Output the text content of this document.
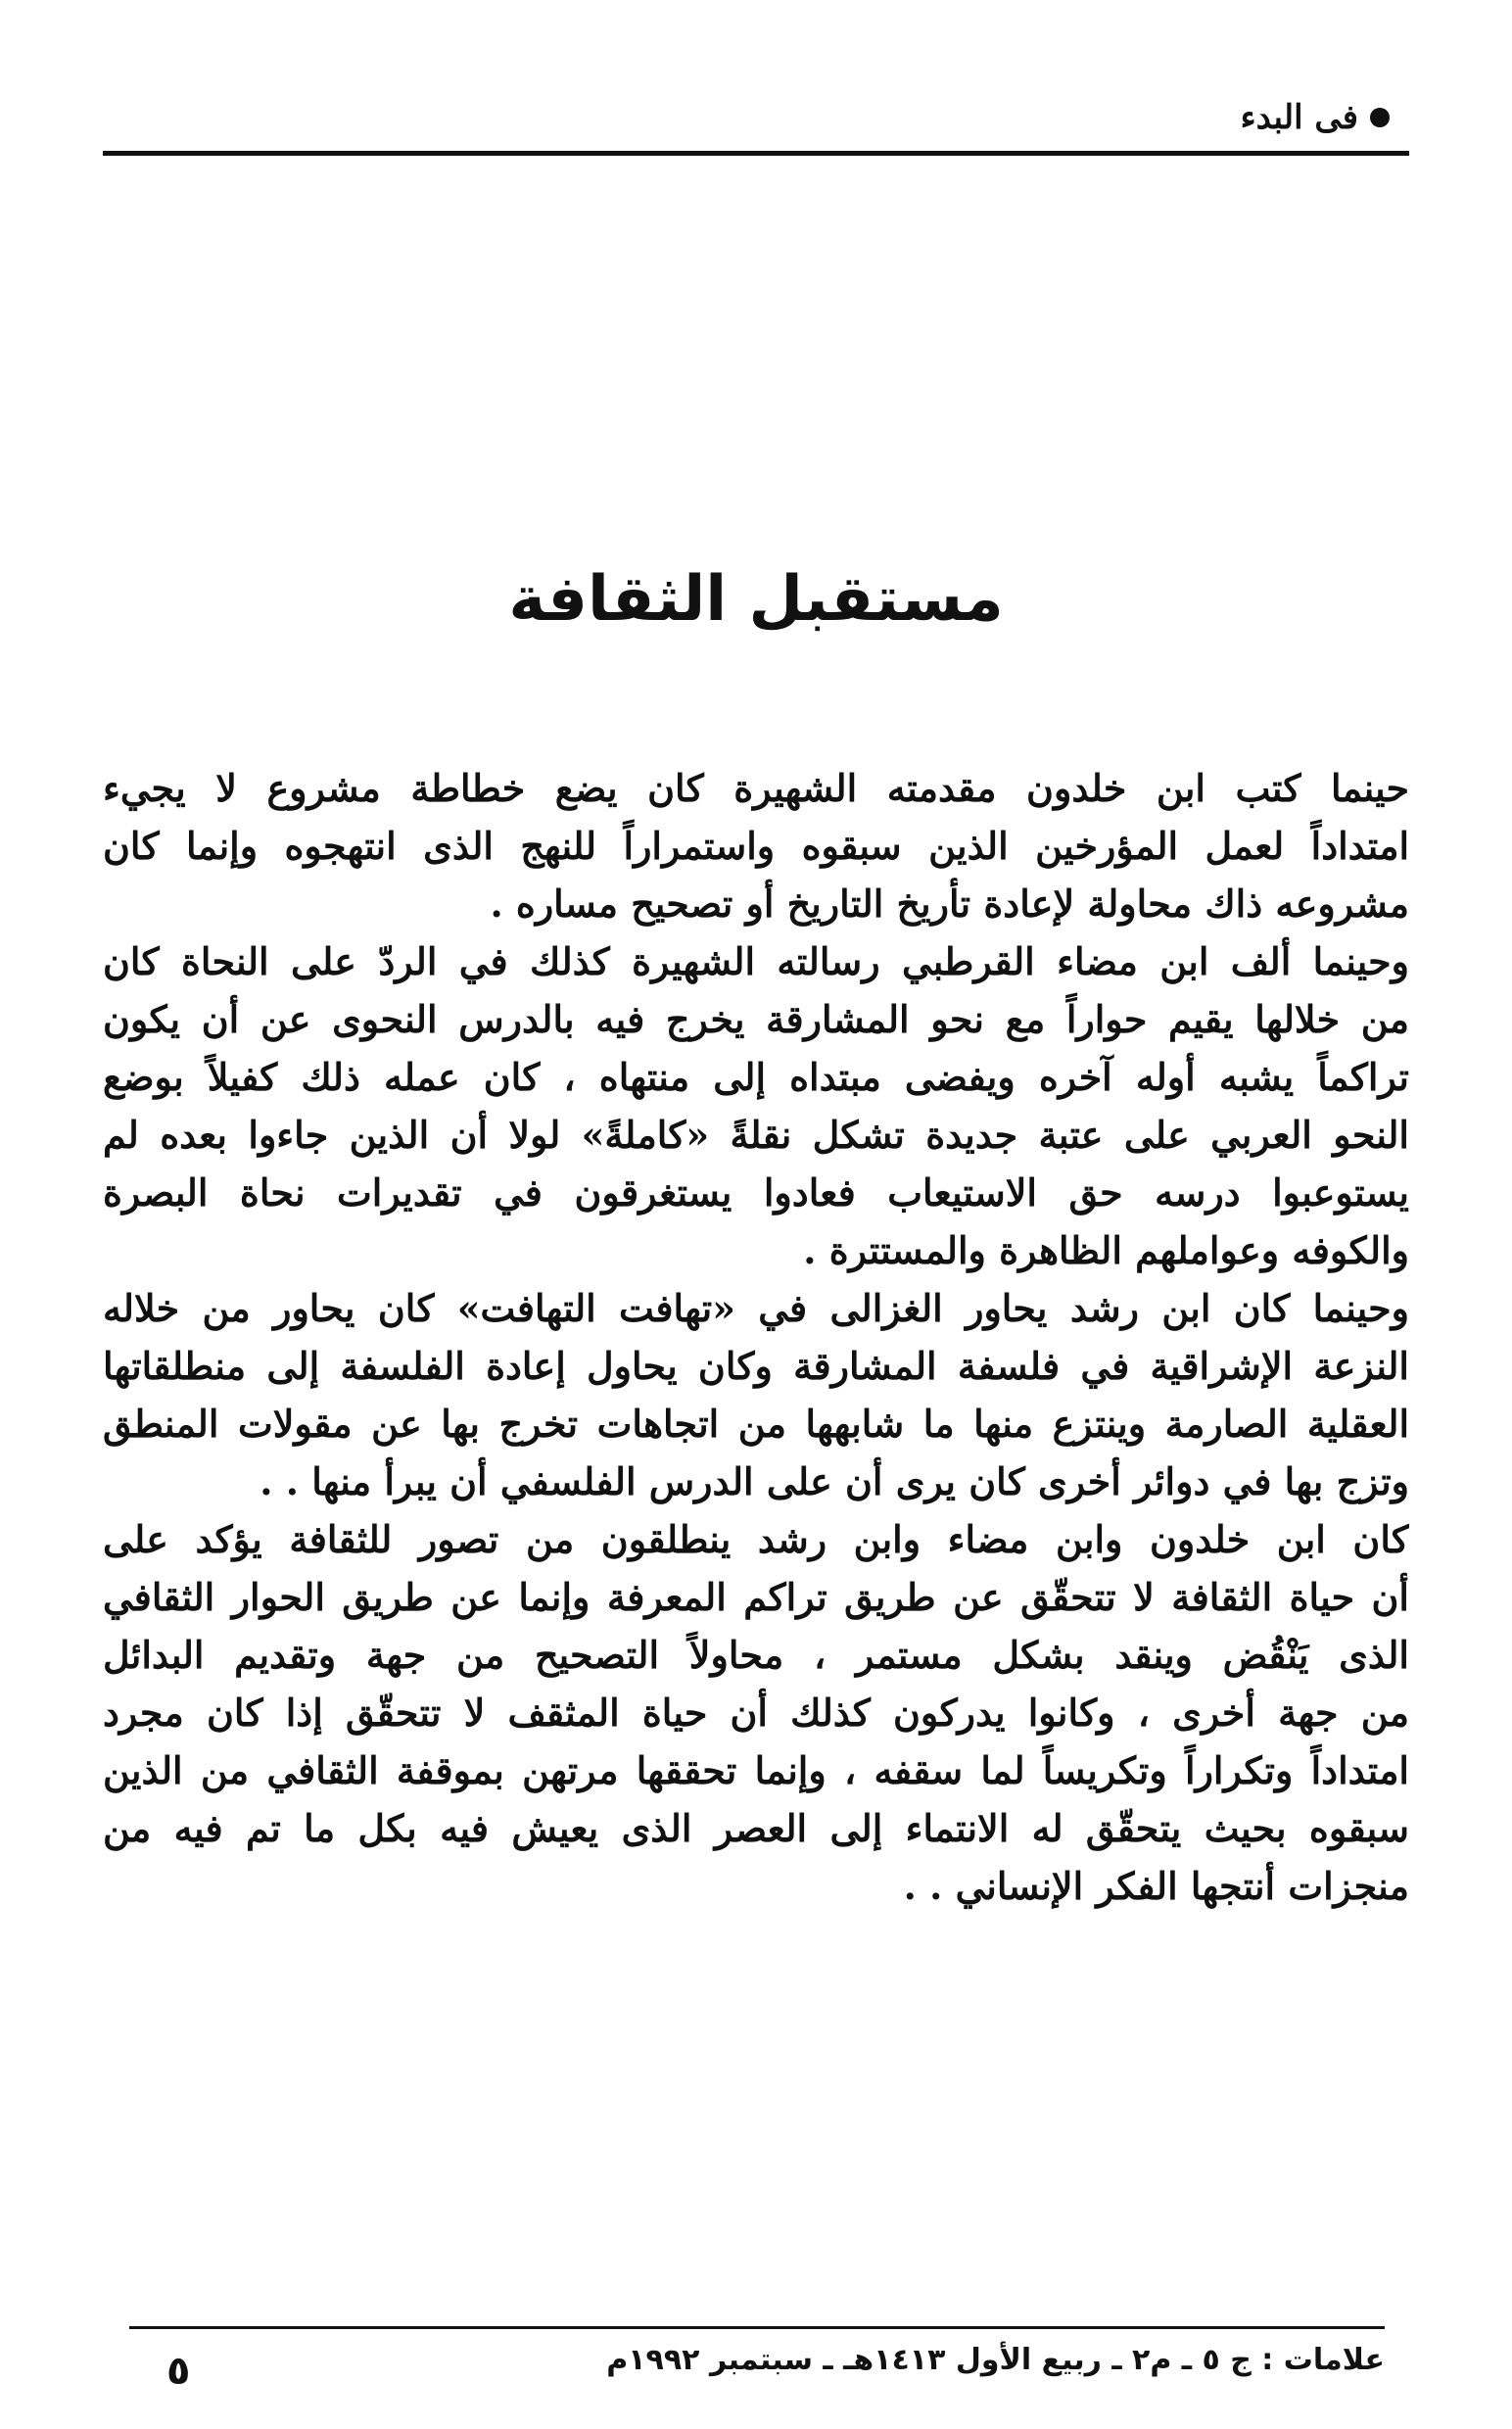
فى البدء
مستقبل الثقافة
حينما كتب ابن خلدون مقدمته الشهيرة كان يضع خطاطة مشروع لا يجيء
امتداداً لعمل المؤرخين الذين سبقوه واستمراراً للنهج الذى انتهجوه وإنما كان
مشروعه ذاك محاولة لإعادة تأريخ التاريخ أو تصحيح مساره .
وحينما ألف ابن مضاء القرطبي رسالته الشهيرة كذلك في الردّ على النحاة كان
من خلالها يقيم حواراً مع نحو المشارقة يخرج فيه بالدرس النحوى عن أن يكون
تراكماً يشبه أوله آخره ويفضى مبتداه إلى منتهاه ، كان عمله ذلك كفيلاً بوضع
النحو العربي على عتبة جديدة تشكل نقلةً «كاملةً» لولا أن الذين جاءوا بعده لم
يستوعبوا درسه حق الاستيعاب فعادوا يستغرقون في تقديرات نحاة البصرة
والكوفه وعواملهم الظاهرة والمستترة .
وحينما كان ابن رشد يحاور الغزالى في «تهافت التهافت» كان يحاور من خلاله
النزعة الإشراقية في فلسفة المشارقة وكان يحاول إعادة الفلسفة إلى منطلقاتها
العقلية الصارمة وينتزع منها ما شابهها من اتجاهات تخرج بها عن مقولات المنطق
وتزج بها في دوائر أخرى كان يرى أن على الدرس الفلسفي أن يبرأ منها . .
كان ابن خلدون وابن مضاء وابن رشد ينطلقون من تصور للثقافة يؤكد على
أن حياة الثقافة لا تتحقّق عن طريق تراكم المعرفة وإنما عن طريق الحوار الثقافي
الذى يَنْقُض وينقد بشكل مستمر ، محاولاً التصحيح من جهة وتقديم البدائل
من جهة أخرى ، وكانوا يدركون كذلك أن حياة المثقف لا تتحقّق إذا كان مجرد
امتداداً وتكراراً وتكريساً لما سقفه ، وإنما تحققها مرتهن بموقفة الثقافي من الذين
سبقوه بحيث يتحقّق له الانتماء إلى العصر الذى يعيش فيه بكل ما تم فيه من
منجزات أنتجها الفكر الإنساني . .
علامات : ج ٥ ـ م٢ ـ ربيع الأول ١٤١٣هـ ـ سبتمبر ١٩٩٢م
٥
